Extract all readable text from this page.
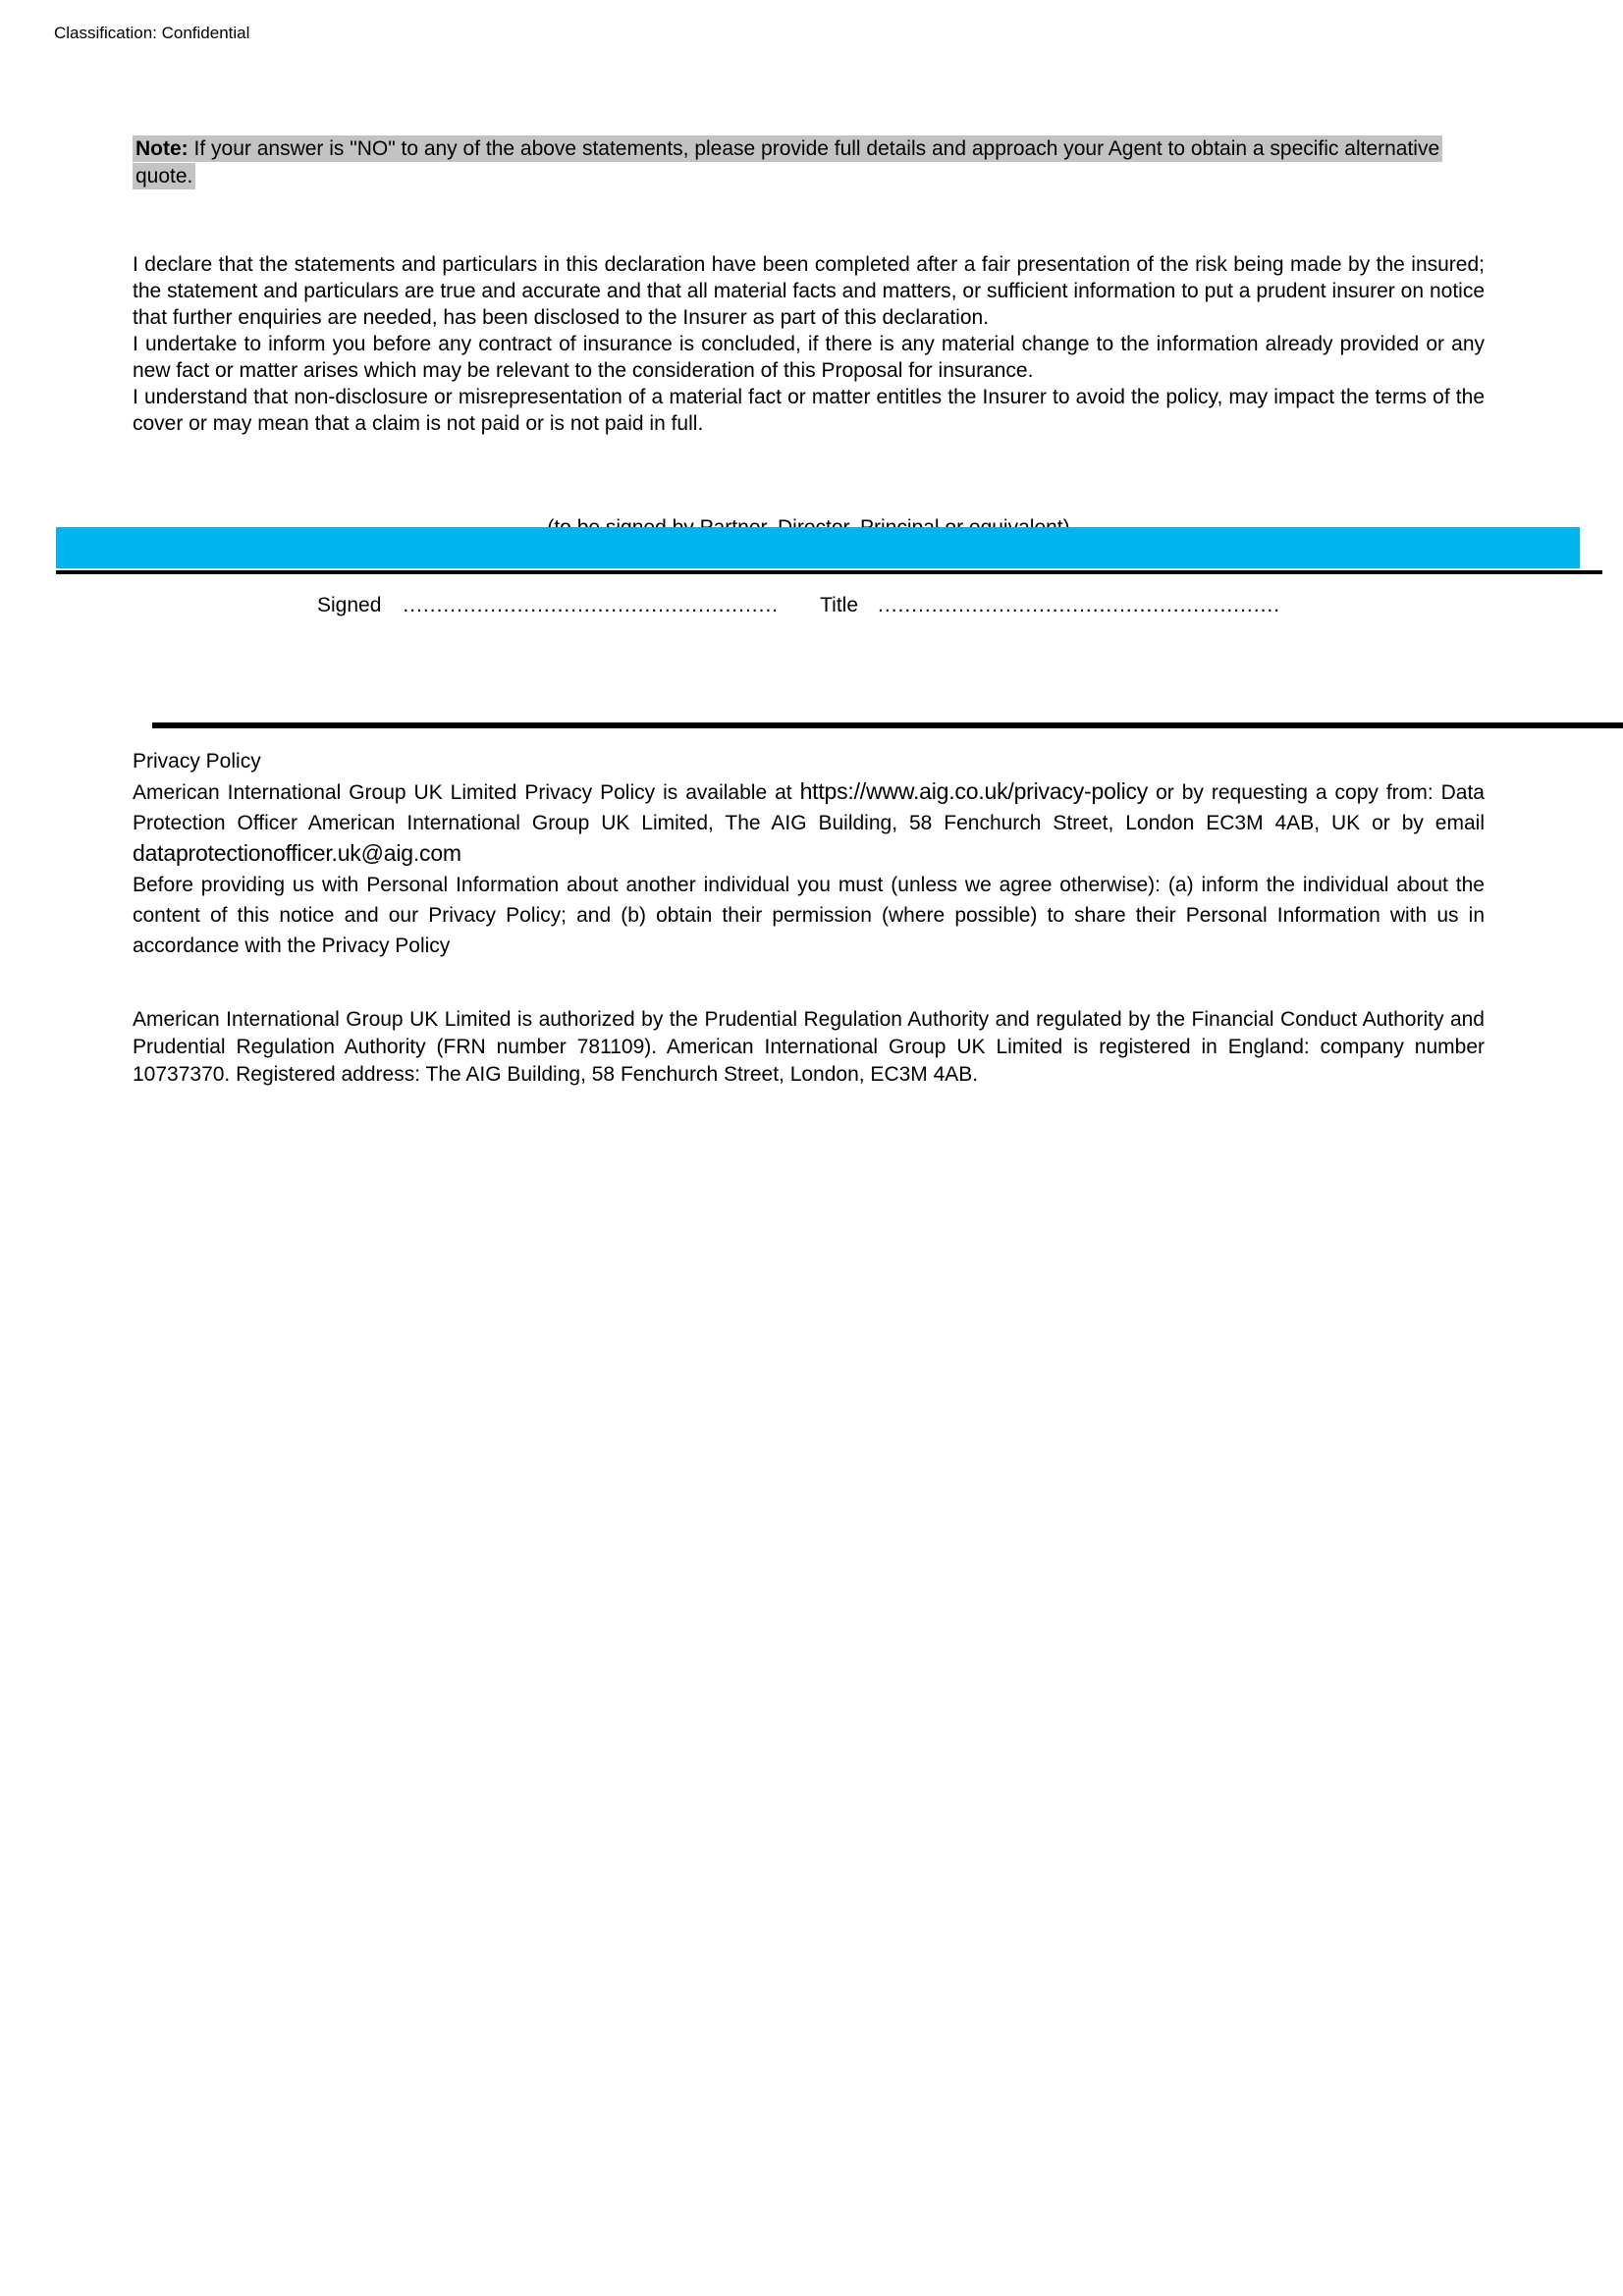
Classification: Confidential

Note: If your answer is "NO" to any of the above statements, please provide full details and approach your Agent to obtain a specific alternative quote.

I declare that the statements and particulars in this declaration have been completed after a fair presentation of the risk being made by the insured; the statement and particulars are true and accurate and that all material facts and matters, or sufficient information to put a prudent insurer on notice that further enquiries are needed, has been disclosed to the Insurer as part of this declaration.

I undertake to inform you before any contract of insurance is concluded, if there is any material change to the information already provided or any new fact or matter arises which may be relevant to the consideration of this Proposal for insurance.

I understand that non-disclosure or misrepresentation of a material fact or matter entitles the Insurer to avoid the policy, may impact the terms of the cover or may mean that a claim is not paid or is not paid in full.

Signed ........................................................ Title ............................................................

Privacy Policy

American International Group UK Limited Privacy Policy is available at https://www.aig.co.uk/privacy-policy or by requesting a copy from: Data Protection Officer American International Group UK Limited, The AIG Building, 58 Fenchurch Street, London EC3M 4AB, UK or by email dataprotectionofficer.uk@aig.com

Before providing us with Personal Information about another individual you must (unless we agree otherwise): (a) inform the individual about the content of this notice and our Privacy Policy; and (b) obtain their permission (where possible) to share their Personal Information with us in accordance with the Privacy Policy

American International Group UK Limited is authorized by the Prudential Regulation Authority and regulated by the Financial Conduct Authority and Prudential Regulation Authority (FRN number 781109). American International Group UK Limited is registered in England: company number 10737370. Registered address: The AIG Building, 58 Fenchurch Street, London, EC3M 4AB.
